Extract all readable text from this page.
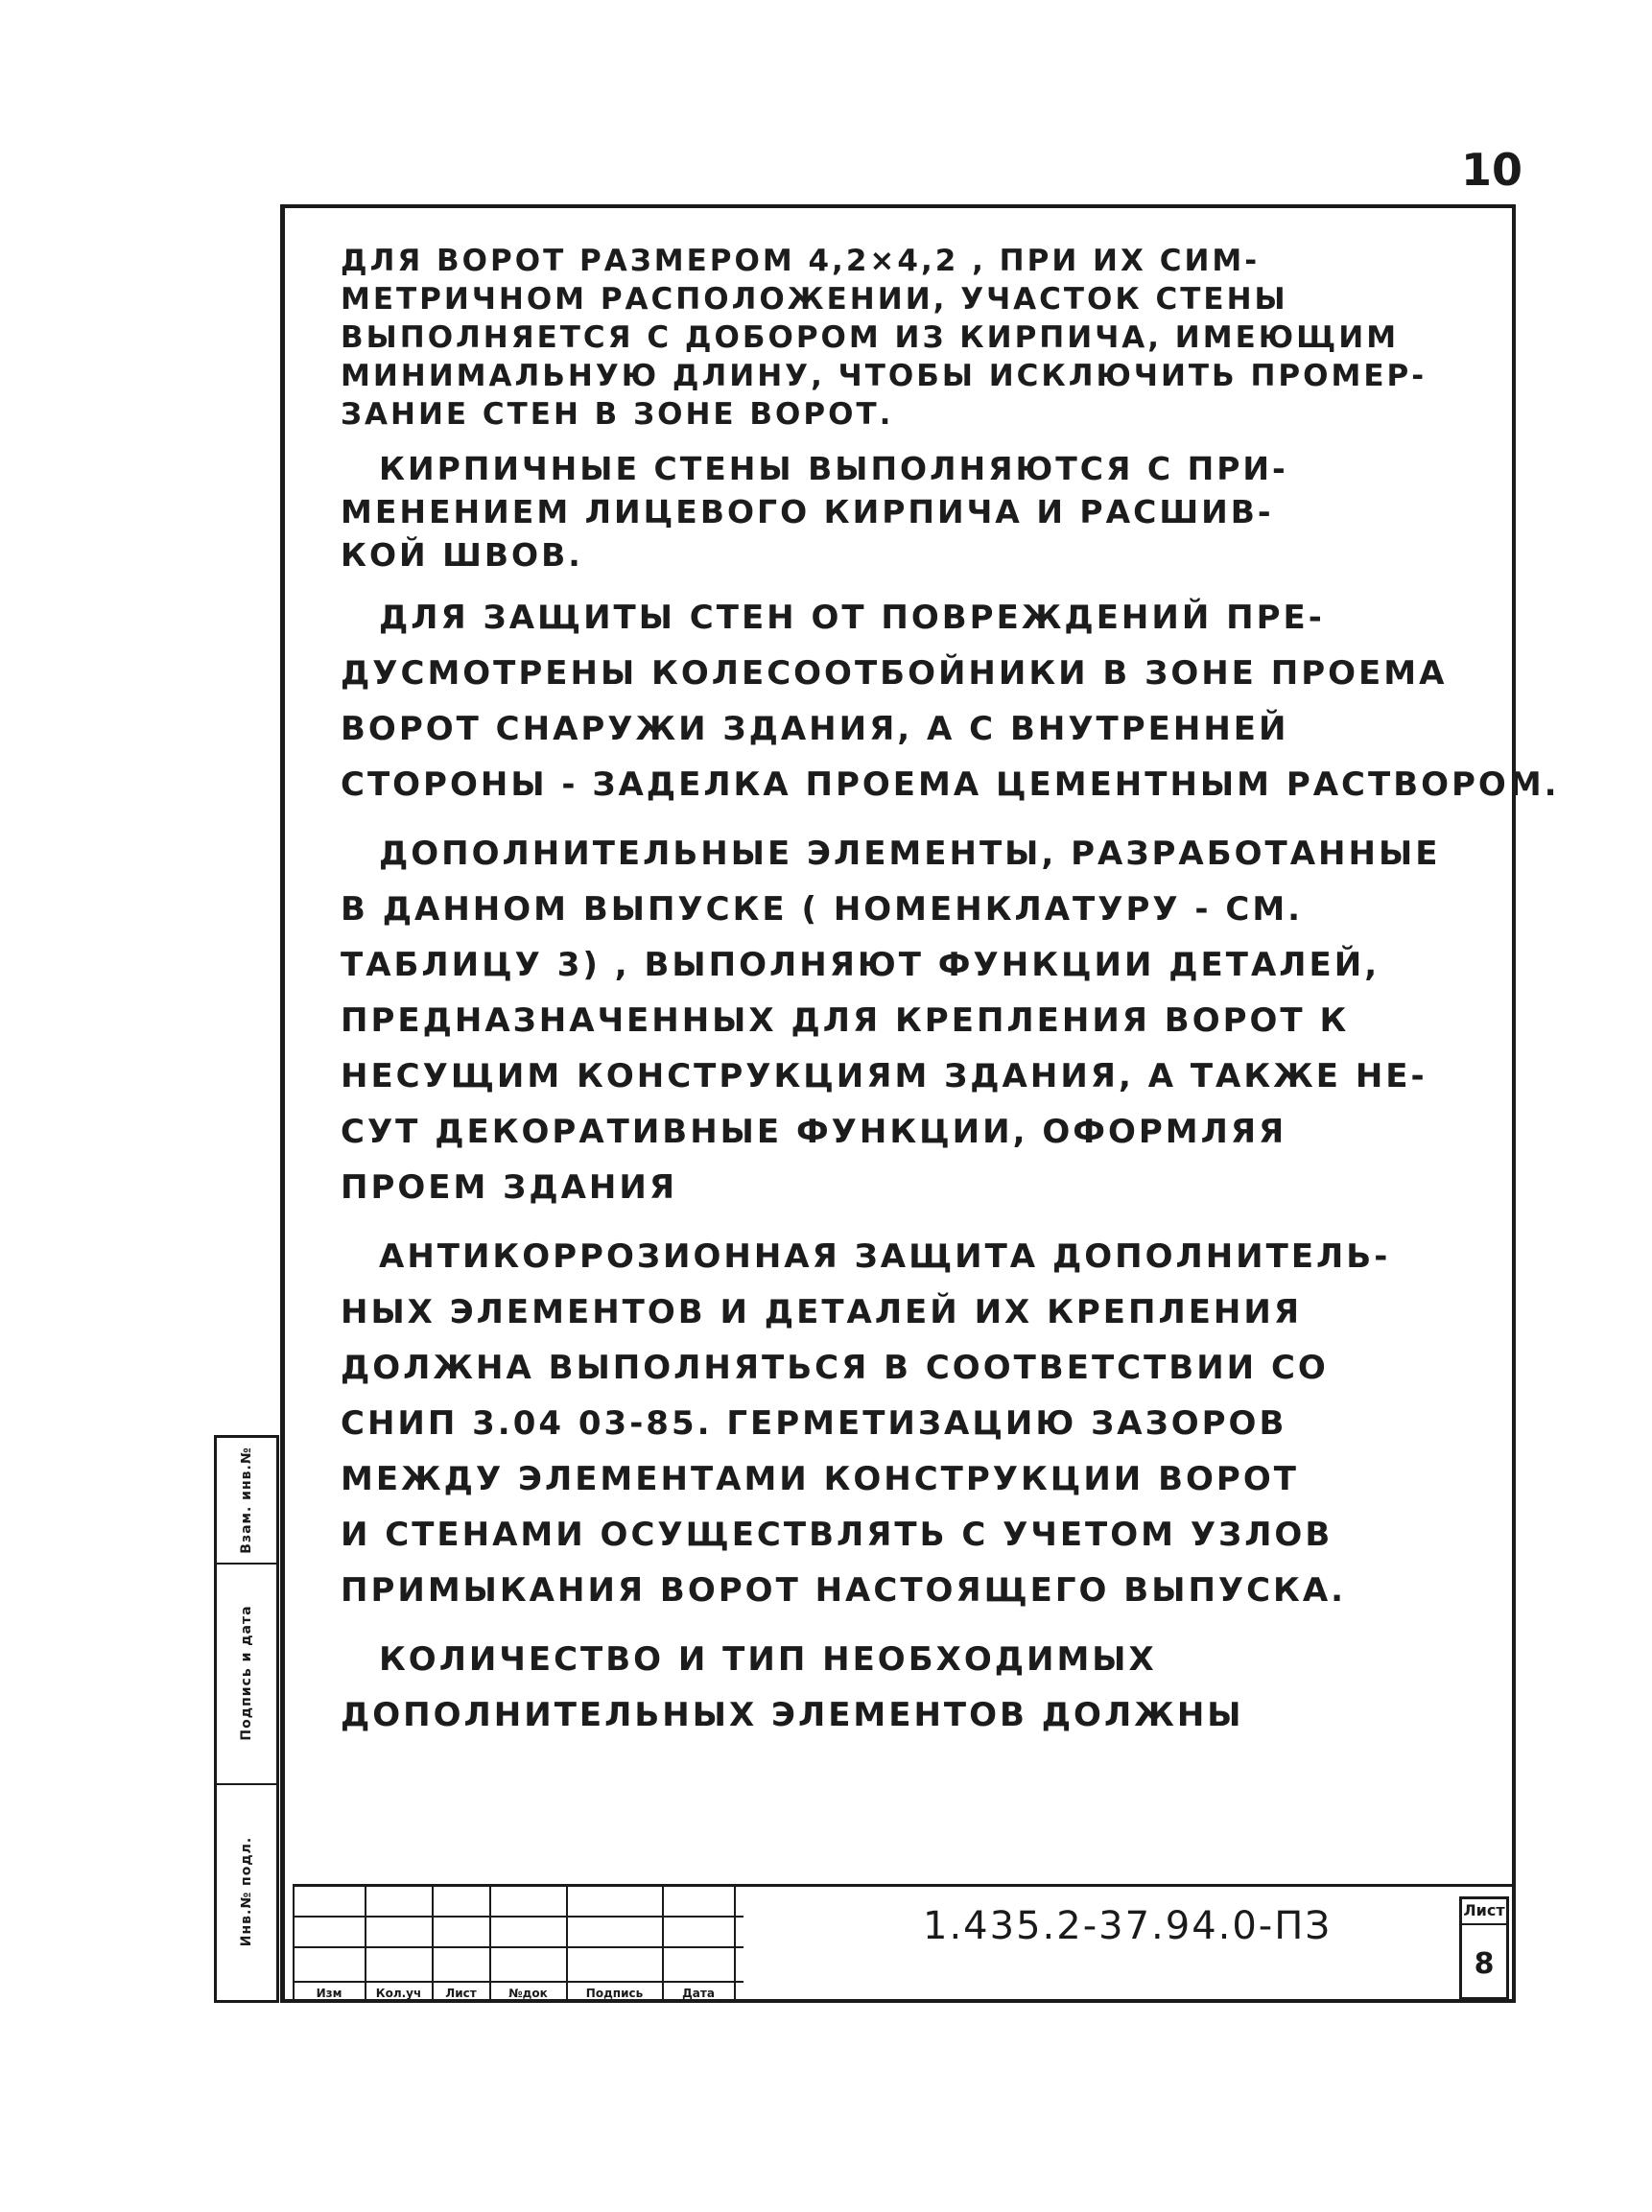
10
ДЛЯ ВОРОТ РАЗМЕРОМ 4,2×4,2 , ПРИ ИХ СИМ-
МЕТРИЧНОМ РАСПОЛОЖЕНИИ, УЧАСТОК СТЕНЫ
ВЫПОЛНЯЕТСЯ С ДОБОРОМ ИЗ КИРПИЧА, ИМЕЮЩИМ
МИНИМАЛЬНУЮ ДЛИНУ, ЧТОБЫ ИСКЛЮЧИТЬ ПРОМЕР-
ЗАНИЕ СТЕН В ЗОНЕ ВОРОТ.
КИРПИЧНЫЕ СТЕНЫ ВЫПОЛНЯЮТСЯ С ПРИ-
МЕНЕНИЕМ ЛИЦЕВОГО КИРПИЧА И РАСШИВ-
КОЙ ШВОВ.
ДЛЯ ЗАЩИТЫ СТЕН ОТ ПОВРЕЖДЕНИЙ ПРЕ-
ДУСМОТРЕНЫ КОЛЕСООТБОЙНИКИ В ЗОНЕ ПРОЕМА
ВОРОТ СНАРУЖИ ЗДАНИЯ, А С ВНУТРЕННЕЙ
СТОРОНЫ - ЗАДЕЛКА ПРОЕМА ЦЕМЕНТНЫМ РАСТВОРОМ.
ДОПОЛНИТЕЛЬНЫЕ ЭЛЕМЕНТЫ, РАЗРАБОТАННЫЕ
В ДАННОМ ВЫПУСКЕ ( НОМЕНКЛАТУРУ - СМ.
ТАБЛИЦУ 3) , ВЫПОЛНЯЮТ ФУНКЦИИ ДЕТАЛЕЙ,
ПРЕДНАЗНАЧЕННЫХ ДЛЯ КРЕПЛЕНИЯ ВОРОТ К
НЕСУЩИМ КОНСТРУКЦИЯМ ЗДАНИЯ, А ТАКЖЕ НЕ-
СУТ ДЕКОРАТИВНЫЕ ФУНКЦИИ, ОФОРМЛЯЯ
ПРОЕМ ЗДАНИЯ
АНТИКОРРОЗИОННАЯ ЗАЩИТА ДОПОЛНИТЕЛЬ-
НЫХ ЭЛЕМЕНТОВ И ДЕТАЛЕЙ ИХ КРЕПЛЕНИЯ
ДОЛЖНА ВЫПОЛНЯТЬСЯ В СООТВЕТСТВИИ СО
СНИП 3.04 03-85. ГЕРМЕТИЗАЦИЮ ЗАЗОРОВ
МЕЖДУ ЭЛЕМЕНТАМИ КОНСТРУКЦИИ ВОРОТ
И СТЕНАМИ ОСУЩЕСТВЛЯТЬ С УЧЕТОМ УЗЛОВ
ПРИМЫКАНИЯ ВОРОТ НАСТОЯЩЕГО ВЫПУСКА.
КОЛИЧЕСТВО И ТИП НЕОБХОДИМЫХ
ДОПОЛНИТЕЛЬНЫХ ЭЛЕМЕНТОВ ДОЛЖНЫ
Взам. инв.№
Подпись и дата
Инв.№ подл.
Изм	Кол.уч	Лист	№док	Подпись	Дата
1.435.2-37.94.0-ПЗ	Лист
8
